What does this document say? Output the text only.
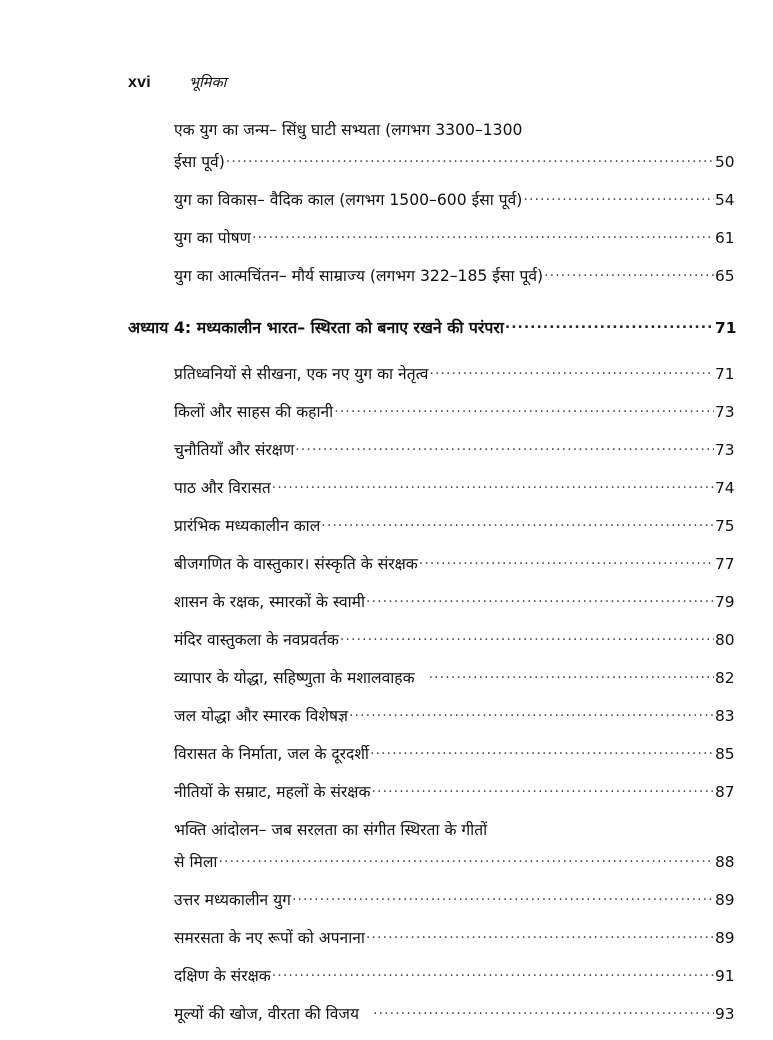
xvi	भूमिका
एक युग का जन्म– सिंधु घाटी सभ्यता (लगभग 3300–1300
ईसा पूर्व) .....	50
युग का विकास– वैदिक काल (लगभग 1500–600 ईसा पूर्व) .....	54
युग का पोषण .....	61
युग का आत्मचिंतन– मौर्य साम्राज्य (लगभग 322–185 ईसा पूर्व) .....	65
अध्याय 4: मध्यकालीन भारत– स्थिरता को बनाए रखने की परंपरा .....	71
प्रतिध्वनियों से सीखना, एक नए युग का नेतृत्व .....	71
किलों और साहस की कहानी .....	73
चुनौतियाँ और संरक्षण .....	73
पाठ और विरासत .....	74
प्रारंभिक मध्यकालीन काल .....	75
बीजगणित के वास्तुकार। संस्कृति के संरक्षक .....	77
शासन के रक्षक, स्मारकों के स्वामी .....	79
मंदिर वास्तुकला के नवप्रवर्तक .....	80
व्यापार के योद्धा, सहिष्णुता के मशालवाहक .....	82
जल योद्धा और स्मारक विशेषज्ञ .....	83
विरासत के निर्माता, जल के दूरदर्शी .....	85
नीतियों के सम्राट, महलों के संरक्षक .....	87
भक्ति आंदोलन– जब सरलता का संगीत स्थिरता के गीतों
से मिला .....	88
उत्तर मध्यकालीन युग .....	89
समरसता के नए रूपों को अपनाना .....	89
दक्षिण के संरक्षक .....	91
मूल्यों की खोज, वीरता की विजय .....	93
